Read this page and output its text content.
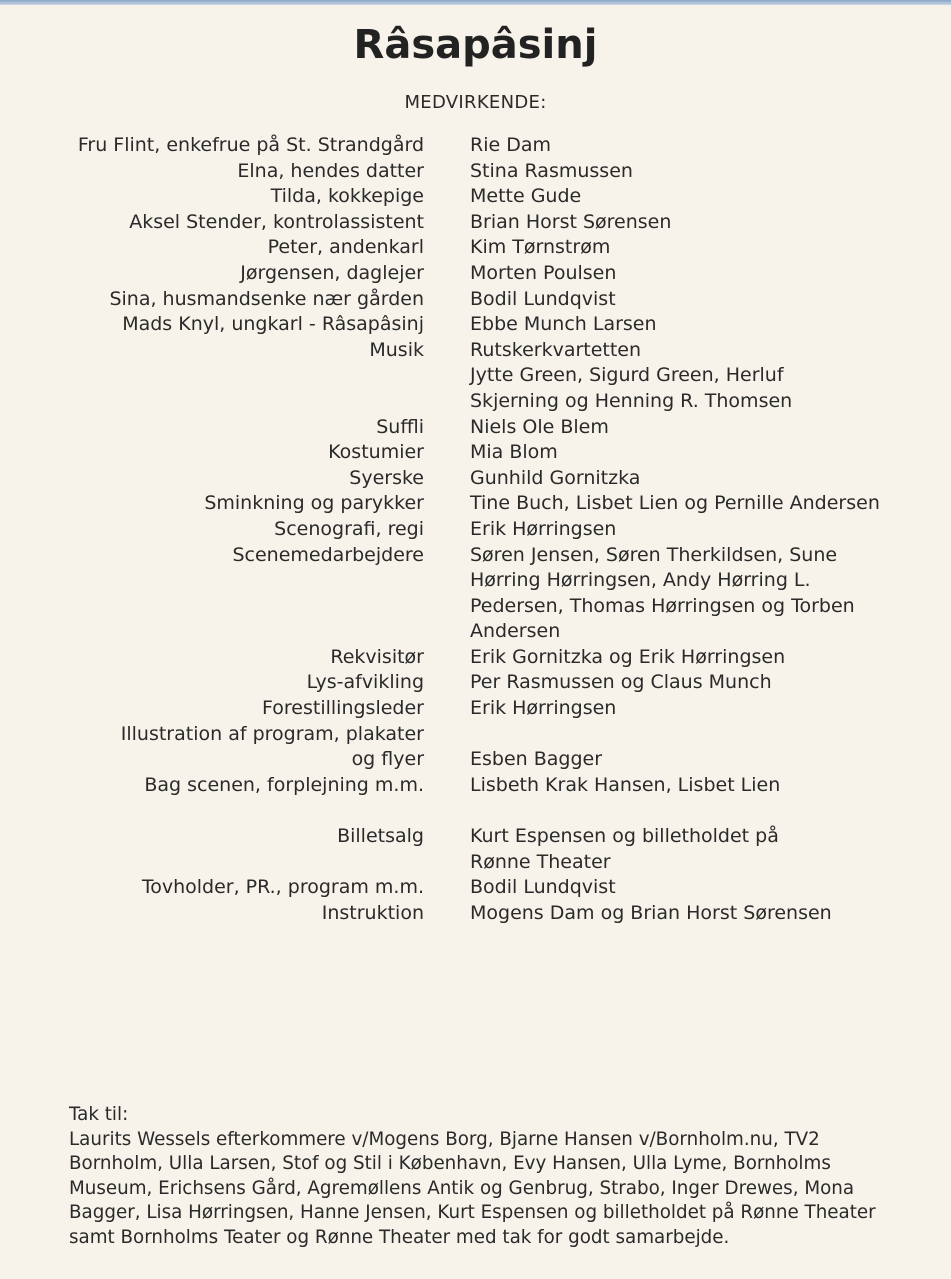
Râsapâsinj
MEDVIRKENDE:
Fru Flint, enkefrue på St. Strandgård Rie Dam
Elna, hendes datter Stina Rasmussen
Tilda, kokkepige Mette Gude
Aksel Stender, kontrolassistent Brian Horst Sørensen
Peter, andenkarl Kim Tørnstrøm
Jørgensen, daglejer Morten Poulsen
Sina, husmandsenke nær gården Bodil Lundqvist
Mads Knyl, ungkarl - Râsapâsinj Ebbe Munch Larsen
Musik Rutskerkvartetten
Jytte Green, Sigurd Green, Herluf
Skjerning og Henning R. Thomsen
Suffli Niels Ole Blem
Kostumier Mia Blom
Syerske Gunhild Gornitzka
Sminkning og parykker Tine Buch, Lisbet Lien og Pernille Andersen
Scenografi, regi Erik Hørringsen
Scenemedarbejdere Søren Jensen, Søren Therkildsen, Sune
Hørring Hørringsen, Andy Hørring L.
Pedersen, Thomas Hørringsen og Torben
Andersen
Rekvisitør Erik Gornitzka og Erik Hørringsen
Lys-afvikling Per Rasmussen og Claus Munch
Forestillingsleder Erik Hørringsen
Illustration af program, plakater
og flyer
Esben Bagger
Bag scenen, forplejning m.m. Lisbeth Krak Hansen, Lisbet Lien
Billetsalg Kurt Espensen og billetholdet på
Rønne Theater
Tovholder, PR., program m.m. Bodil Lundqvist
Instruktion Mogens Dam og Brian Horst Sørensen
Tak til:
Laurits Wessels efterkommere v/Mogens Borg, Bjarne Hansen v/Bornholm.nu, TV2
Bornholm, Ulla Larsen, Stof og Stil i København, Evy Hansen, Ulla Lyme, Bornholms
Museum, Erichsens Gård, Agremøllens Antik og Genbrug, Strabo, Inger Drewes, Mona
Bagger, Lisa Hørringsen, Hanne Jensen, Kurt Espensen og billetholdet på Rønne Theater
samt Bornholms Teater og Rønne Theater med tak for godt samarbejde.
